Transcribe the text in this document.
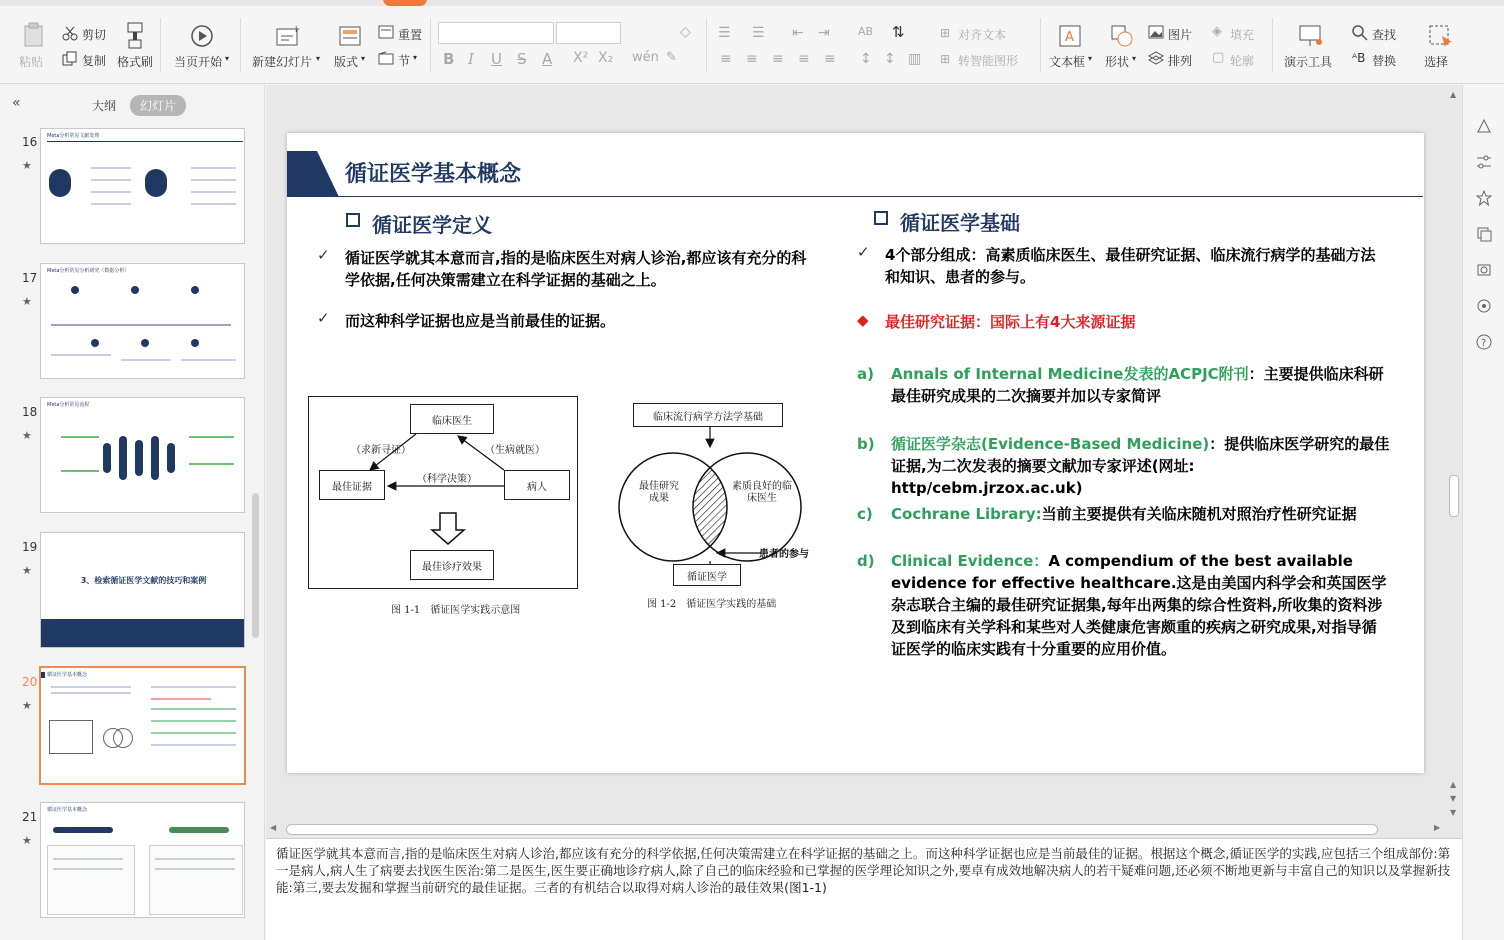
粘贴
剪切
复制 格式刷 当页开始 ▾
+
新建幻灯片 ▾ 版式 ▾
重置
节 ▾ B I U S A X² X₂ wén ✎
◇ ☰ ☰ ⇤ ⇥
≡ ≡ ≡ ≡ ≡
AB ⇅
↕ ↕ ▥
⊞ 对齐文本
⊞ 转智能图形
A
文本框 ▾ 形状 ▾
图片
排列
◈ 填充
▢ 轮廓 演示工具
查找
ᴬB 替换 选择
«	大纲	幻灯片
16
★
Meta分析常见文献处理
17
★
Meta分析常见分析研究（数据分析）
18
★
Meta分析常见流程
19
★
3、检索循证医学文献的技巧和案例
20
★
循证医学基本概念
21
★
循证医学基本概念
循证医学基本概念
循证医学定义
✓ 循证医学就其本意而言,指的是临床医生对病人诊治,都应该有充分的科学依据,任何决策需建立在科学证据的基础之上。
✓ 而这种科学证据也应是当前最佳的证据。
临床医生
最佳证据	病人
最佳诊疗效果
（求新寻证）	（生病就医）
（科学决策）
图 1-1　循证医学实践示意图
临床流行病学方法学基础
最佳研究成果
素质良好的临床医生
患者的参与
循证医学
图 1-2　循证医学实践的基础
循证医学基础
✓ 4个部分组成：高素质临床医生、最佳研究证据、临床流行病学的基础方法和知识、患者的参与。
◆ 最佳研究证据：国际上有4大来源证据
a) Annals of Internal Medicine发表的ACPJC附刊：主要提供临床科研最佳研究成果的二次摘要并加以专家简评
b) 循证医学杂志(Evidence-Based Medicine)：提供临床医学研究的最佳证据,为二次发表的摘要文献加专家评述(网址: http/cebm.jrzox.ac.uk)
c) Cochrane Library:当前主要提供有关临床随机对照治疗性研究证据
d) Clinical Evidence：A compendium of the best available evidence for effective healthcare.这是由美国内科学会和英国医学杂志联合主编的最佳研究证据集,每年出两集的综合性资料,所收集的资料涉及到临床有关学科和某些对人类健康危害颇重的疾病之研究成果,对指导循证医学的临床实践有十分重要的应用价值。
▲
▲
▼
▼
◀	▶

循证医学就其本意而言,指的是临床医生对病人诊治,都应该有充分的科学依据,任何决策需建立在科学证据的基础之上。而这种科学证据也应是当前最佳的证据。根据这个概念,循证医学的实践,应包括三个组成部份:第一是病人,病人生了病要去找医生医治:第二是医生,医生要正确地诊疗病人,除了自己的临床经验和已掌握的医学理论知识之外,要卓有成效地解决病人的若干疑难问题,还必须不断地更新与丰富自己的知识以及掌握新技能:第三,要去发掘和掌握当前研究的最佳证据。三者的有机结合以取得对病人诊治的最佳效果(图1-1)

?
